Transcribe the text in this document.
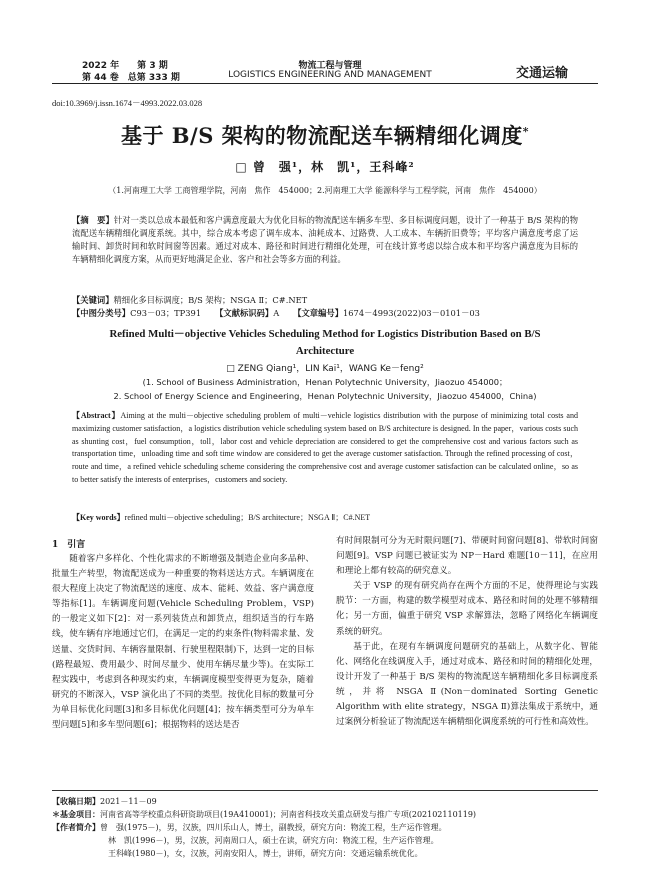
2022 年　　第 3 期
第 44 卷　总第 333 期
物流工程与管理
LOGISTICS ENGINEERING AND MANAGEMENT	交通运输
doi:10.3969/j.issn.1674－4993.2022.03.028
基于 B/S 架构的物流配送车辆精细化调度*
□ 曾　强¹，林　凯¹，王科峰²
（1.河南理工大学 工商管理学院，河南　焦作　454000；2.河南理工大学 能源科学与工程学院，河南　焦作　454000）
【摘　要】针对一类以总成本最低和客户满意度最大为优化目标的物流配送车辆多车型、多目标调度问题，设计了一种基于 B/S 架构的物流配送车辆精细化调度系统。其中，综合成本考虑了调车成本、油耗成本、过路费、人工成本、车辆折旧费等；平均客户满意度考虑了运输时间、卸货时间和软时间窗等因素。通过对成本、路径和时间进行精细化处理，可在线计算考虑以综合成本和平均客户满意度为目标的车辆精细化调度方案，从而更好地满足企业、客户和社会等多方面的利益。
【关键词】精细化多目标调度；B/S 架构；NSGA Ⅱ；C#.NET
【中图分类号】C93－03；TP391 【文献标识码】A 【文章编号】1674－4993(2022)03－0101－03
Refined Multi－objective Vehicles Scheduling Method for Logistics Distribution Based on B/S Architecture
□ ZENG Qiang¹，LIN Kai¹，WANG Ke－feng²
(1. School of Business Administration，Henan Polytechnic University，Jiaozuo 454000；
2. School of Energy Science and Engineering，Henan Polytechnic University，Jiaozuo 454000，China)
【Abstract】Aiming at the multi－objective scheduling problem of multi－vehicle logistics distribution with the purpose of minimizing total costs and maximizing customer satisfaction，a logistics distribution vehicle scheduling system based on B/S architecture is designed. In the paper，various costs such as shunting cost，fuel consumption，toll，labor cost and vehicle depreciation are considered to get the comprehensive cost and various factors such as transportation time，unloading time and soft time window are considered to get the average customer satisfaction. Through the refined processing of cost，route and time，a refined vehicle scheduling scheme considering the comprehensive cost and average customer satisfaction can be calculated online，so as to better satisfy the interests of enterprises，customers and society.
【Key words】refined multi－objective scheduling；B/S architecture；NSGA Ⅱ；C#.NET
1　引言
随着客户多样化、个性化需求的不断增强及制造企业向多品种、批量生产转型，物流配送成为一种重要的物料送达方式。车辆调度在很大程度上决定了物流配送的速度、成本、能耗、效益、客户满意度等指标[1]。车辆调度问题(Vehicle Scheduling Problem，VSP)的一般定义如下[2]：对一系列装货点和卸货点，组织适当的行车路线，使车辆有序地通过它们，在满足一定的约束条件(物料需求量、发送量、交货时间、车辆容量限制、行驶里程限制)下，达到一定的目标(路程最短、费用最少、时间尽量少、使用车辆尽量少等)。在实际工程实践中，考虑到各种现实约束，车辆调度模型变得更为复杂，随着研究的不断深入，VSP 演化出了不同的类型。按优化目标的数量可分为单目标优化问题[3]和多目标优化问题[4]；按车辆类型可分为单车型问题[5]和多车型问题[6]；根据物料的送达是否

有时间限制可分为无时限问题[7]、带硬时间窗问题[8]、带软时间窗问题[9]。VSP 问题已被证实为 NP－Hard 难题[10－11]，在应用和理论上都有较高的研究意义。

关于 VSP 的现有研究尚存在两个方面的不足，使得理论与实践脱节：一方面，构建的数学模型对成本、路径和时间的处理不够精细化；另一方面，偏重于研究 VSP 求解算法，忽略了网络化车辆调度系统的研究。

基于此，在现有车辆调度问题研究的基础上，从数字化、智能化、网络化在线调度入手，通过对成本、路径和时间的精细化处理，设计开发了一种基于 B/S 架构的物流配送车辆精细化多目标调度系统，并将 NSGA Ⅱ(Non－dominated Sorting Genetic Algorithm with elite strategy，NSGA Ⅱ)算法集成于系统中，通过案例分析验证了物流配送车辆精细化调度系统的可行性和高效性。

【收稿日期】2021－11－09
＊基金项目：河南省高等学校重点科研资助项目(19A410001)；河南省科技攻关重点研发与推广专项(202102110119)
【作者简介】曾　强(1975－)，男，汉族，四川乐山人，博士，副教授，研究方向：物流工程，生产运作管理。
林　凯(1996－)，男，汉族，河南周口人，硕士在读，研究方向：物流工程，生产运作管理。
王科峰(1980－)，女，汉族，河南安阳人，博士，讲师，研究方向：交通运输系统优化。
